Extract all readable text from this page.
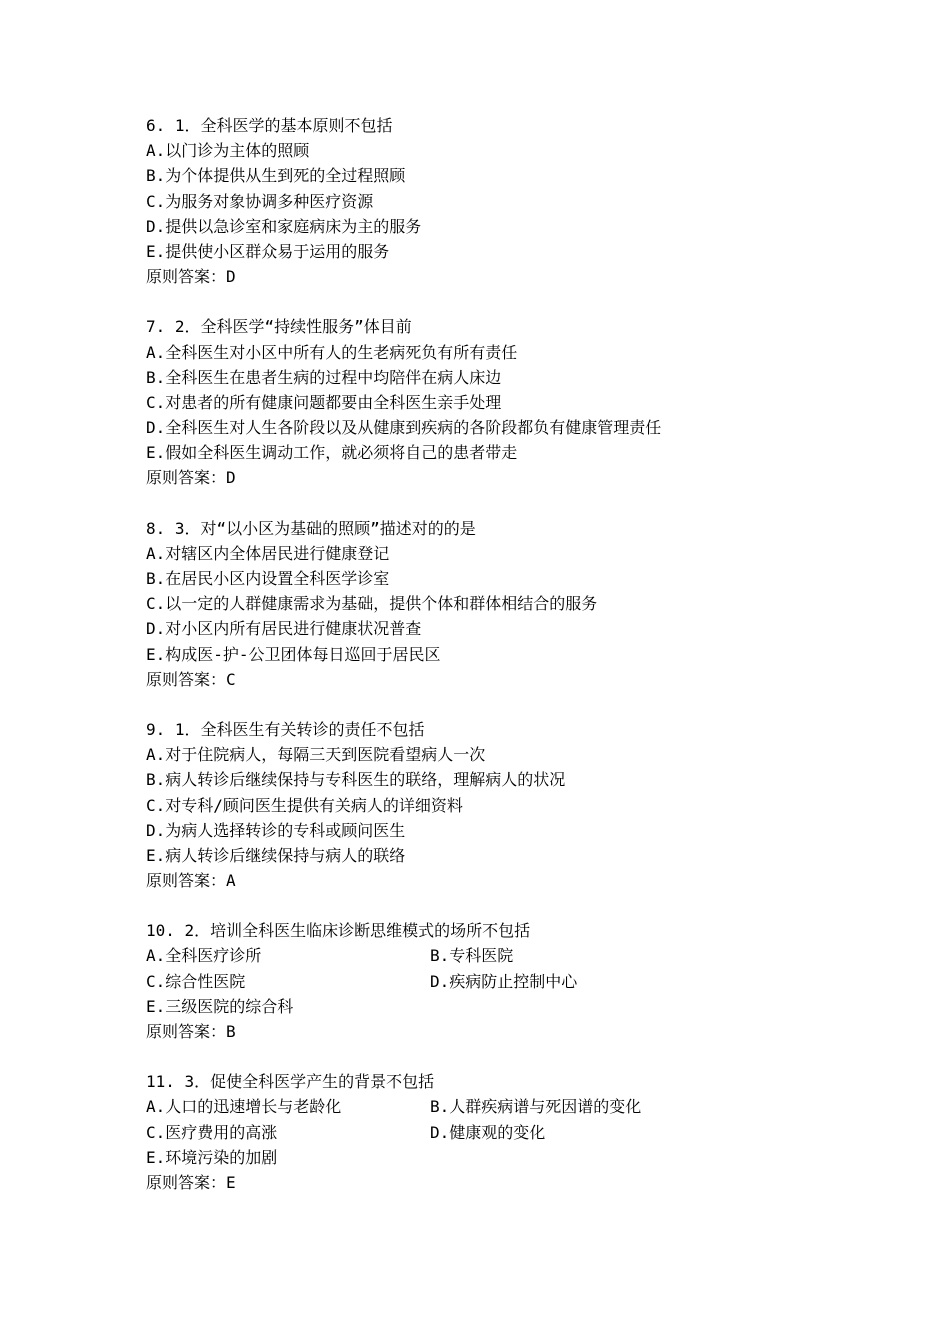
6. 1．全科医学的基本原则不包括
A.以门诊为主体的照顾
B.为个体提供从生到死的全过程照顾
C.为服务对象协调多种医疗资源
D.提供以急诊室和家庭病床为主的服务
E.提供使小区群众易于运用的服务
原则答案：D
7. 2．全科医学“持续性服务”体目前
A.全科医生对小区中所有人的生老病死负有所有责任
B.全科医生在患者生病的过程中均陪伴在病人床边
C.对患者的所有健康问题都要由全科医生亲手处理
D.全科医生对人生各阶段以及从健康到疾病的各阶段都负有健康管理责任
E.假如全科医生调动工作，就必须将自己的患者带走
原则答案：D
8. 3．对“以小区为基础的照顾”描述对的的是
A.对辖区内全体居民进行健康登记
B.在居民小区内设置全科医学诊室
C.以一定的人群健康需求为基础，提供个体和群体相结合的服务
D.对小区内所有居民进行健康状况普查
E.构成医-护-公卫团体每日巡回于居民区
原则答案：C
9. 1．全科医生有关转诊的责任不包括
A.对于住院病人，每隔三天到医院看望病人一次
B.病人转诊后继续保持与专科医生的联络，理解病人的状况
C.对专科/顾问医生提供有关病人的详细资料
D.为病人选择转诊的专科或顾问医生
E.病人转诊后继续保持与病人的联络
原则答案：A
10. 2．培训全科医生临床诊断思维模式的场所不包括
A.全科医疗诊所	B.专科医院
C.综合性医院	D.疾病防止控制中心
E.三级医院的综合科
原则答案：B
11. 3．促使全科医学产生的背景不包括
A.人口的迅速增长与老龄化	B.人群疾病谱与死因谱的变化
C.医疗费用的高涨	D.健康观的变化
E.环境污染的加剧
原则答案：E
